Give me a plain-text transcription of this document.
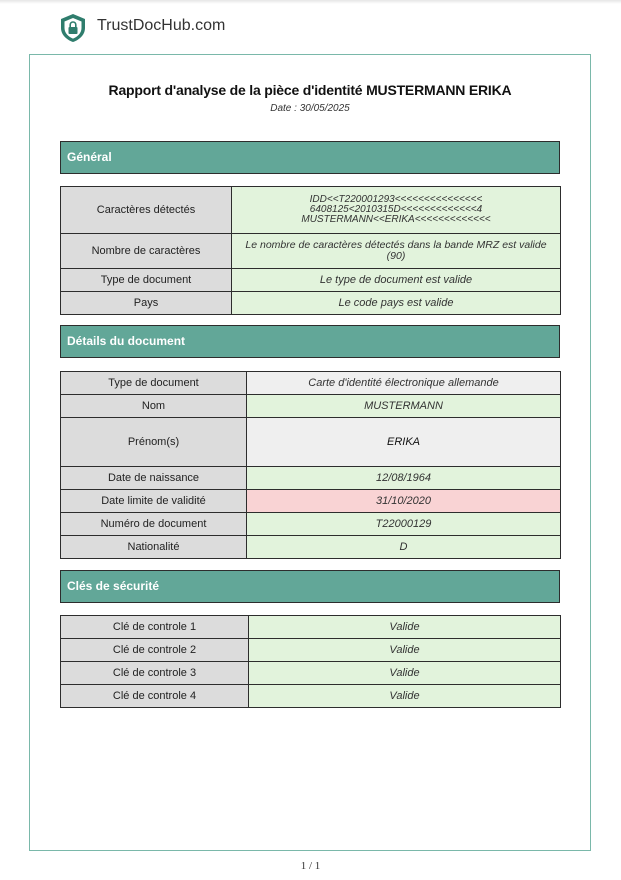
TrustDocHub.com
Rapport d'analyse de la pièce d'identité MUSTERMANN ERIKA
Date : 30/05/2025
Général
Caractères détectés	IDD<<T220001293<<<<<<<<<<<<<<<
6408125<2010315D<<<<<<<<<<<<<4
MUSTERMANN<<ERIKA<<<<<<<<<<<<<

Nombre de caractères	Le nombre de caractères détectés dans la bande MRZ est valide (90)
Type de document	Le type de document est valide
Pays	Le code pays est valide
Détails du document
Type de document	Carte d'identité électronique allemande
Nom	MUSTERMANN
Prénom(s)	ERIKA
Date de naissance	12/08/1964
Date limite de validité	31/10/2020
Numéro de document	T22000129
Nationalité	D
Clés de sécurité
Clé de controle 1	Valide
Clé de controle 2	Valide
Clé de controle 3	Valide
Clé de controle 4	Valide
1 / 1
